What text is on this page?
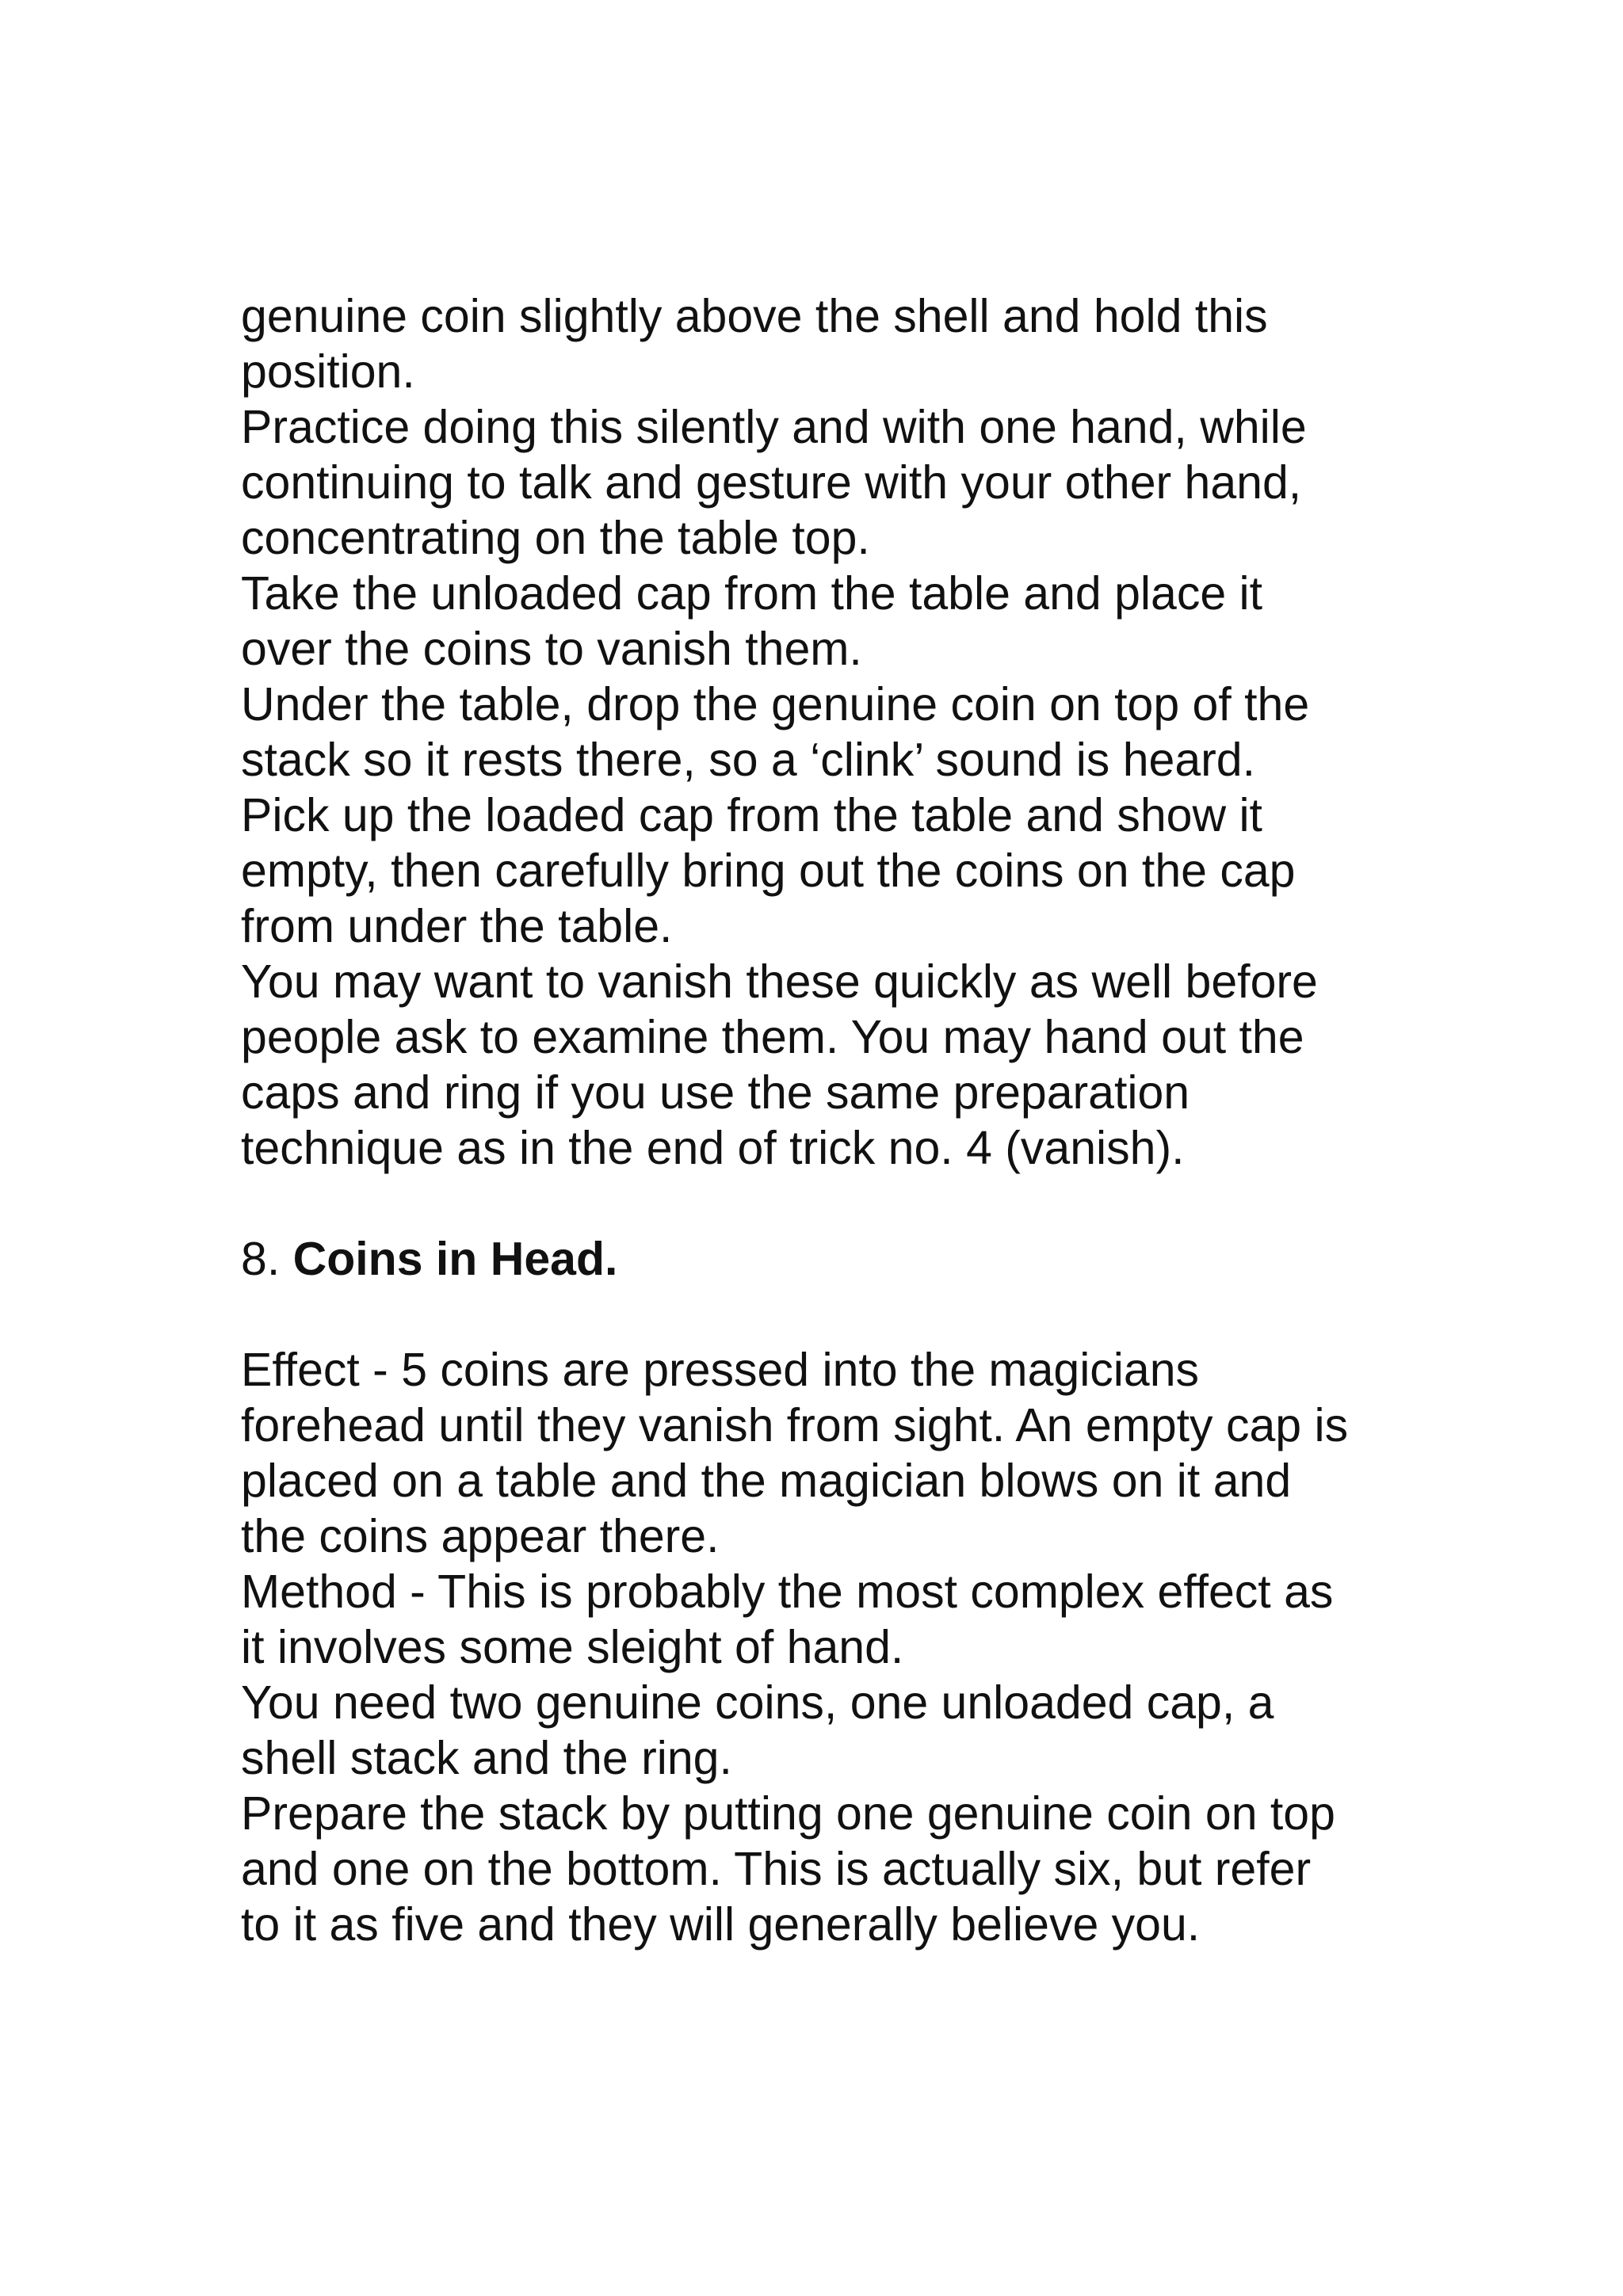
genuine coin slightly above the shell and hold this

position.

Practice doing this silently and with one hand, while

continuing to talk and gesture with your other hand,

concentrating on the table top.

Take the unloaded cap from the table and place it

over the coins to vanish them.

Under the table, drop the genuine coin on top of the

stack so it rests there, so a ‘clink’ sound is heard.

Pick up the loaded cap from the table and show it

empty, then carefully bring out the coins on the cap

from under the table.

You may want to vanish these quickly as well before

people ask to examine them. You may hand out the

caps and ring if you use the same preparation

technique as in the end of trick no. 4 (vanish).

8. Coins in Head.

Effect - 5 coins are pressed into the magicians

forehead until they vanish from sight. An empty cap is

placed on a table and the magician blows on it and

the coins appear there.

Method - This is probably the most complex effect as

it involves some sleight of hand.

You need two genuine coins, one unloaded cap, a

shell stack and the ring.

Prepare the stack by putting one genuine coin on top

and one on the bottom. This is actually six, but refer

to it as five and they will generally believe you.
